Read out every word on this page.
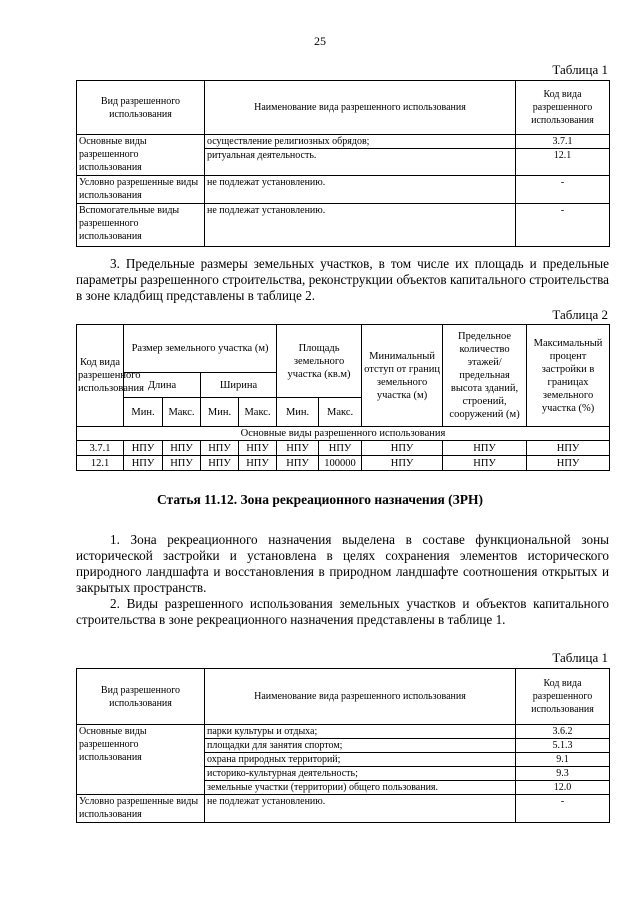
25
Таблица 1
Вид разрешенного использования	Наименование вида разрешенного использования	Код вида разрешенного использования
Основные виды разрешенного использования	осуществление религиозных обрядов;	3.7.1
	ритуальная деятельность.	12.1
Условно разрешенные виды использования	не подлежат установлению.	-
Вспомогательные виды разрешенного использования	не подлежат установлению.	-

3. Предельные размеры земельных участков, в том числе их площадь и предельные параметры разрешенного строительства, реконструкции объектов капитального строительства в зоне кладбищ представлены в таблице 2.

Таблица 2
Код вида разрешенного использования	Размер земельного участка (м)				Площадь земельного участка (кв.м)		Минимальный отступ от границ земельного участка (м)	Предельное количество этажей/ предельная высота зданий, строений, сооружений (м)	Максимальный процент застройки в границах земельного участка (%)
	Длина		Ширина						
	Мин.	Макс.	Мин.	Макс.	Мин.	Макс.			
Основные виды разрешенного использования									
3.7.1	НПУ	НПУ	НПУ	НПУ	НПУ	НПУ	НПУ	НПУ	НПУ
12.1	НПУ	НПУ	НПУ	НПУ	НПУ	100000	НПУ	НПУ	НПУ
Статья 11.12. Зона рекреационного назначения (ЗРН)

1. Зона рекреационного назначения выделена в составе функциональной зоны исторической застройки и установлена в целях сохранения элементов исторического природного ландшафта и восстановления в природном ландшафте соотношения открытых и закрытых пространств.

2. Виды разрешенного использования земельных участков и объектов капитального строительства в зоне рекреационного назначения представлены в таблице 1.

Таблица 1
Вид разрешенного использования	Наименование вида разрешенного использования	Код вида разрешенного использования
Основные виды разрешенного использования	парки культуры и отдыха;	3.6.2
	площадки для занятия спортом;	5.1.3
	охрана природных территорий;	9.1
	историко-культурная деятельность;	9.3
	земельные участки (территории) общего пользования.	12.0
Условно разрешенные виды использования	не подлежат установлению.	-
